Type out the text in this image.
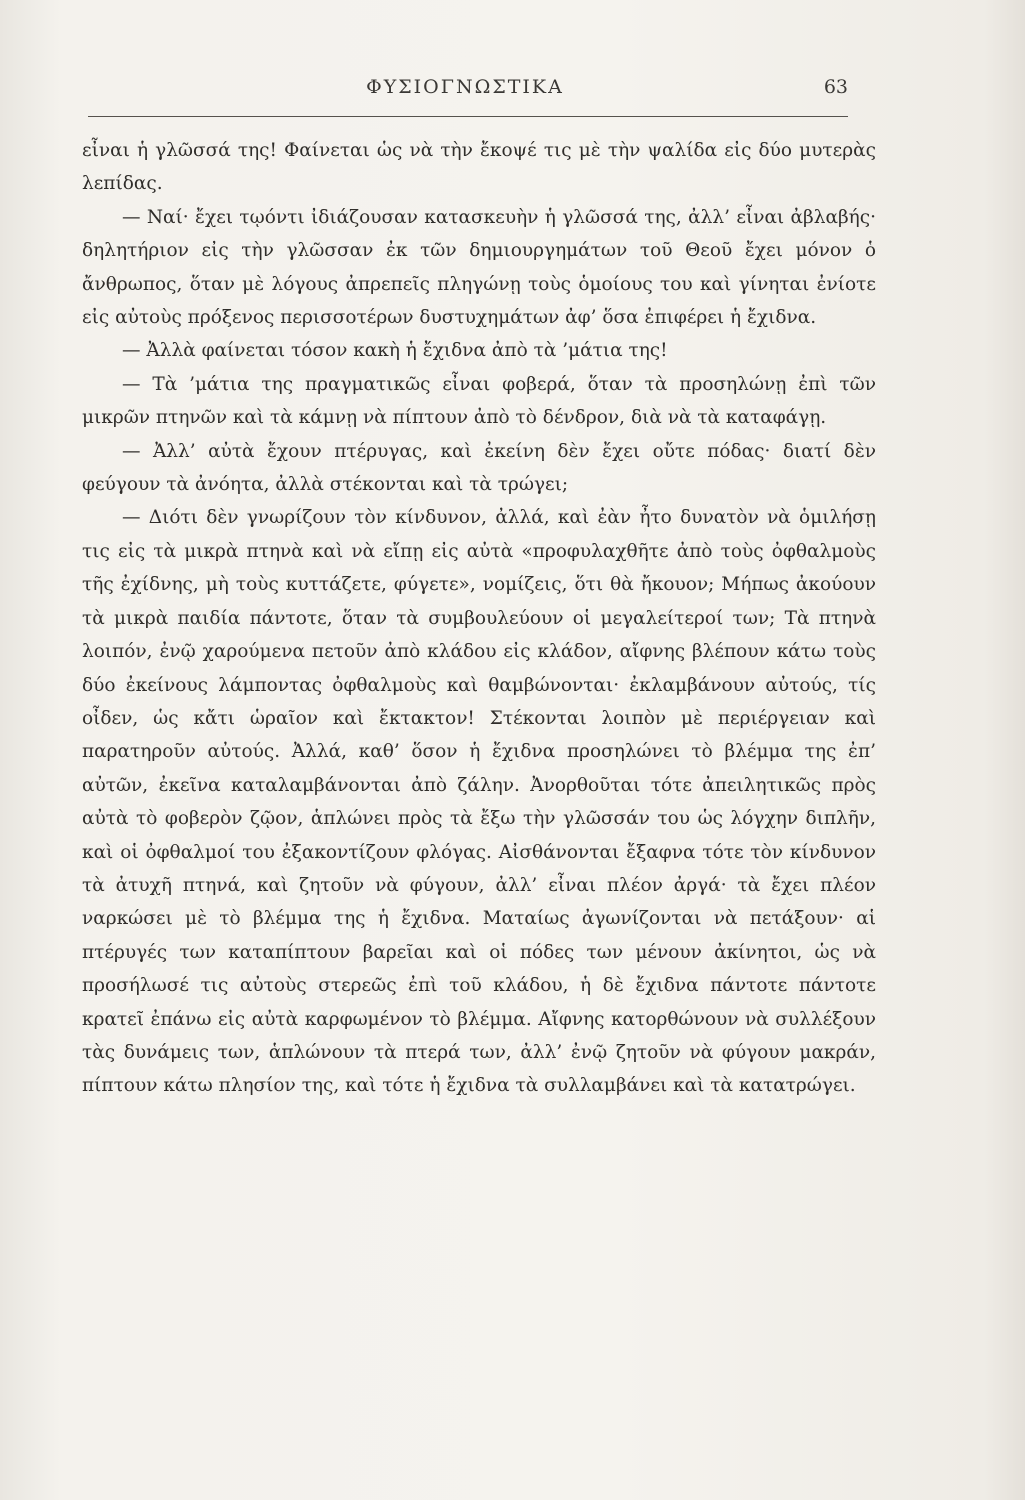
ΦΥΣΙΟΓΝΩΣΤΙΚΑ	63

εἶναι ἡ γλῶσσά της! Φαίνεται ὡς νὰ τὴν ἔκοψέ τις μὲ τὴν ψαλίδα εἰς δύο μυτερὰς λεπίδας.

— Ναί· ἔχει τῳόντι ἰδιάζουσαν κατασκευὴν ἡ γλῶσσά της, ἀλλ’ εἶναι ἀβλαβής· δηλητήριον εἰς τὴν γλῶσσαν ἐκ τῶν δημιουργημάτων τοῦ Θεοῦ ἔχει μόνον ὁ ἄνθρωπος, ὅταν μὲ λόγους ἀπρεπεῖς πληγώνῃ τοὺς ὁμοίους του καὶ γίνηται ἐνίοτε εἰς αὐτοὺς πρόξενος περισσοτέρων δυστυχημάτων ἀφ’ ὅσα ἐπιφέρει ἡ ἔχιδνα.

— Ἀλλὰ φαίνεται τόσον κακὴ ἡ ἔχιδνα ἀπὸ τὰ ’μάτια της!

— Τὰ ’μάτια της πραγματικῶς εἶναι φοβερά, ὅταν τὰ προσηλώνῃ ἐπὶ τῶν μικρῶν πτηνῶν καὶ τὰ κάμνῃ νὰ πίπτουν ἀπὸ τὸ δένδρον, διὰ νὰ τὰ καταφάγῃ.

— Ἀλλ’ αὐτὰ ἔχουν πτέρυγας, καὶ ἐκείνη δὲν ἔχει οὔτε πόδας· διατί δὲν φεύγουν τὰ ἀνόητα, ἀλλὰ στέκονται καὶ τὰ τρώγει;

— Διότι δὲν γνωρίζουν τὸν κίνδυνον, ἀλλά, καὶ ἐὰν ἦτο δυνατὸν νὰ ὁμιλήσῃ τις εἰς τὰ μικρὰ πτηνὰ καὶ νὰ εἴπῃ εἰς αὐτὰ «προφυλαχθῆτε ἀπὸ τοὺς ὀφθαλμοὺς τῆς ἐχίδνης, μὴ τοὺς κυττάζετε, φύγετε», νομίζεις, ὅτι θὰ ἤκουον; Μήπως ἀκούουν τὰ μικρὰ παιδία πάντοτε, ὅταν τὰ συμβουλεύουν οἱ μεγαλείτεροί των; Τὰ πτηνὰ λοιπόν, ἐνῷ χαρούμενα πετοῦν ἀπὸ κλάδου εἰς κλάδον, αἴφνης βλέπουν κάτω τοὺς δύο ἐκείνους λάμποντας ὀφθαλμοὺς καὶ θαμβώνονται· ἐκλαμβάνουν αὐτούς, τίς οἶδεν, ὡς κἄτι ὡραῖον καὶ ἔκτακτον! Στέκονται λοιπὸν μὲ περιέργειαν καὶ παρατηροῦν αὐτούς. Ἀλλά, καθ’ ὅσον ἡ ἔχιδνα προσηλώνει τὸ βλέμμα της ἐπ’ αὐτῶν, ἐκεῖνα καταλαμβάνονται ἀπὸ ζάλην. Ἀνορθοῦται τότε ἀπειλητικῶς πρὸς αὐτὰ τὸ φοβερὸν ζῷον, ἁπλώνει πρὸς τὰ ἔξω τὴν γλῶσσάν του ὡς λόγχην διπλῆν, καὶ οἱ ὀφθαλμοί του ἐξακοντίζουν φλόγας. Αἰσθάνονται ἔξαφνα τότε τὸν κίνδυνον τὰ ἀτυχῆ πτηνά, καὶ ζητοῦν νὰ φύγουν, ἀλλ’ εἶναι πλέον ἀργά· τὰ ἔχει πλέον ναρκώσει μὲ τὸ βλέμμα της ἡ ἔχιδνα. Ματαίως ἀγωνίζονται νὰ πετάξουν· αἱ πτέρυγές των καταπίπτουν βαρεῖαι καὶ οἱ πόδες των μένουν ἀκίνητοι, ὡς νὰ προσήλωσέ τις αὐτοὺς στερεῶς ἐπὶ τοῦ κλάδου, ἡ δὲ ἔχιδνα πάντοτε πάντοτε κρατεῖ ἐπάνω εἰς αὐτὰ καρφωμένον τὸ βλέμμα. Αἴφνης κατορθώνουν νὰ συλλέξουν τὰς δυνάμεις των, ἁπλώνουν τὰ πτερά των, ἀλλ’ ἐνῷ ζητοῦν νὰ φύγουν μακράν, πίπτουν κάτω πλησίον της, καὶ τότε ἡ ἔχιδνα τὰ συλλαμβάνει καὶ τὰ κατατρώγει.
